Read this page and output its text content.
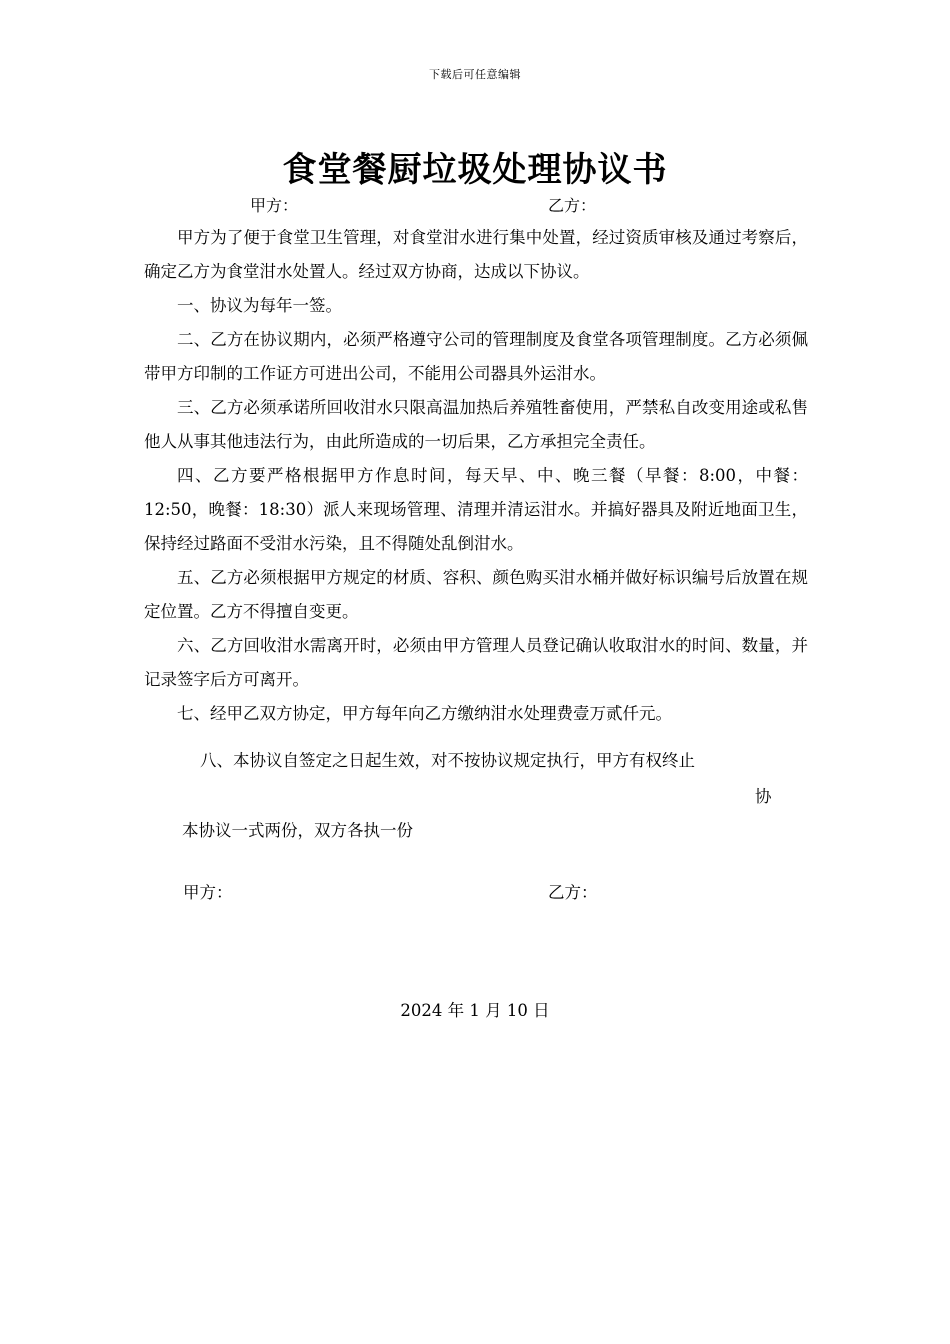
下载后可任意编辑
食堂餐厨垃圾处理协议书
甲方：	乙方：

甲方为了便于食堂卫生管理，对食堂泔水进行集中处置，经过资质审核及通过考察后，确定乙方为食堂泔水处置人。经过双方协商，达成以下协议。

一、协议为每年一签。

二、乙方在协议期内，必须严格遵守公司的管理制度及食堂各项管理制度。乙方必须佩带甲方印制的工作证方可进出公司，不能用公司器具外运泔水。

三、乙方必须承诺所回收泔水只限高温加热后养殖牲畜使用，严禁私自改变用途或私售他人从事其他违法行为，由此所造成的一切后果，乙方承担完全责任。

四、乙方要严格根据甲方作息时间，每天早、中、晚三餐（早餐：8:00，中餐：12:50，晚餐：18:30）派人来现场管理、清理并清运泔水。并搞好器具及附近地面卫生，保持经过路面不受泔水污染，且不得随处乱倒泔水。

五、乙方必须根据甲方规定的材质、容积、颜色购买泔水桶并做好标识编号后放置在规定位置。乙方不得擅自变更。

六、乙方回收泔水需离开时，必须由甲方管理人员登记确认收取泔水的时间、数量，并记录签字后方可离开。

七、经甲乙双方协定，甲方每年向乙方缴纳泔水处理费壹万贰仟元。

八、本协议自签定之日起生效，对不按协议规定执行，甲方有权终止
协
本协议一式两份，双方各执一份
甲方：	乙方：
2024 年 1 月 10 日
